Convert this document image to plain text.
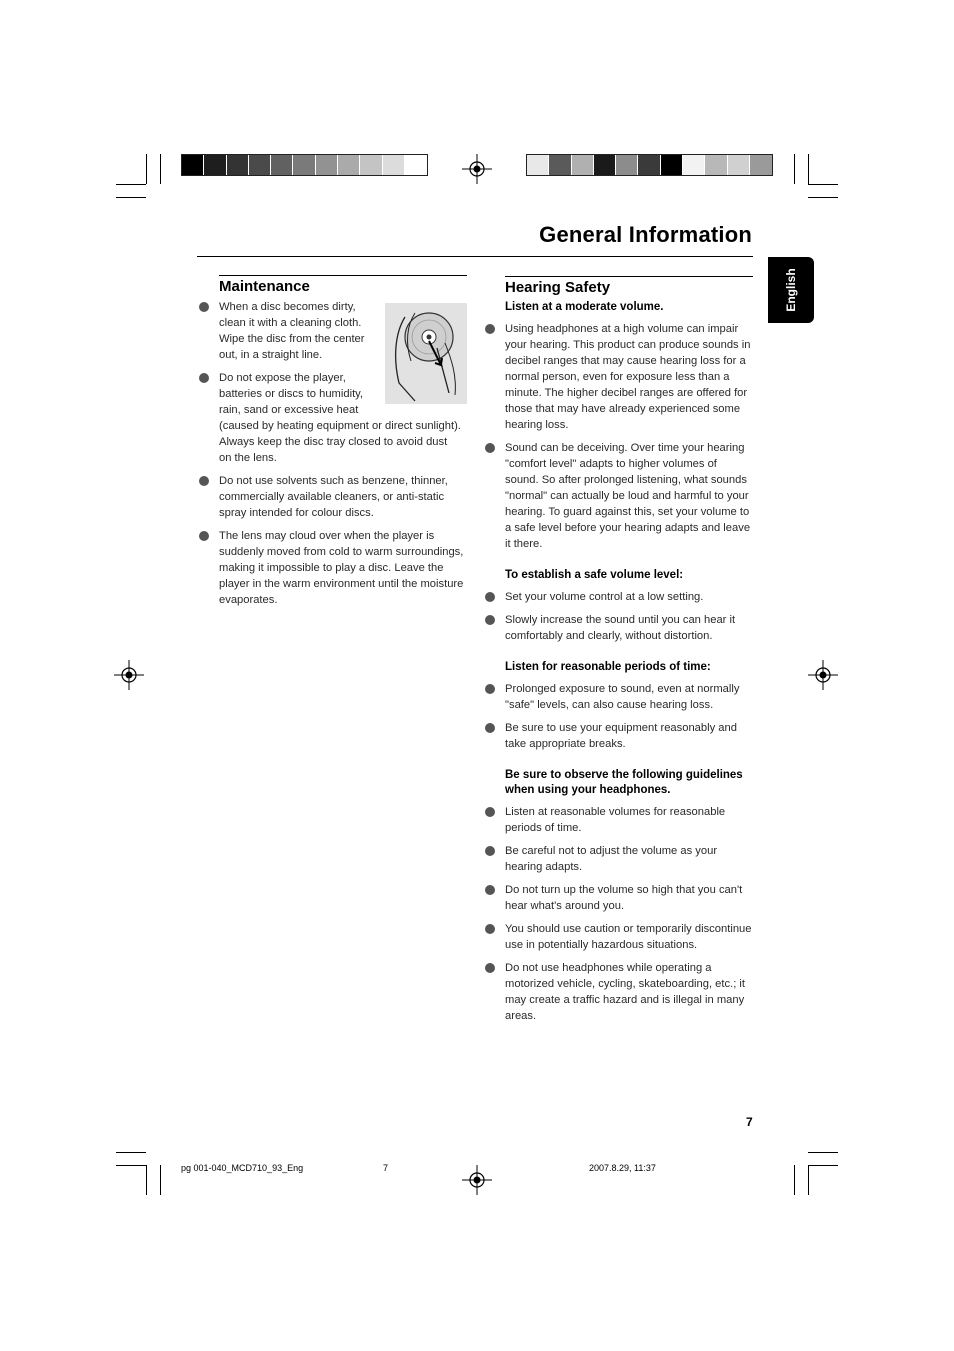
General Information
English
Maintenance
When a disc becomes dirty,
clean it with a cleaning cloth.
Wipe the disc from the center
out, in a straight line.
Do not expose the player,
batteries or discs to humidity,
rain, sand or excessive heat
(caused by heating equipment or direct sunlight).
Always keep the disc tray closed to avoid dust
on the lens.
Do not use solvents such as benzene, thinner, commercially available cleaners, or anti-static spray intended for colour discs.
The lens may cloud over when the player is suddenly moved from cold to warm surroundings, making it impossible to play a disc. Leave the player in the warm environment until the moisture evaporates.
Hearing Safety
Listen at a moderate volume.
Using headphones at a high volume can impair your hearing. This product can produce sounds in decibel ranges that may cause hearing loss for a normal person, even for exposure less than a minute. The higher decibel ranges are offered for those that may have already experienced some hearing loss.
Sound can be deceiving. Over time your hearing "comfort level" adapts to higher volumes of sound. So after prolonged listening, what sounds "normal" can actually be loud and harmful to your hearing. To guard against this, set your volume to a safe level before your hearing adapts and leave it there.
To establish a safe volume level:
Set your volume control at a low setting.
Slowly increase the sound until you can hear it comfortably and clearly, without distortion.
Listen for reasonable periods of time:
Prolonged exposure to sound, even at normally "safe" levels, can also cause hearing loss.
Be sure to use your equipment reasonably and take appropriate breaks.
Be sure to observe the following guidelines when using your headphones.
Listen at reasonable volumes for reasonable periods of time.
Be careful not to adjust the volume as your hearing adapts.
Do not turn up the volume so high that you can't hear what's around you.
You should use caution or temporarily discontinue use in potentially hazardous situations.
Do not use headphones while operating a motorized vehicle, cycling, skateboarding, etc.; it may create a traffic hazard and is illegal in many areas.
7
pg 001-040_MCD710_93_Eng	7	2007.8.29, 11:37
